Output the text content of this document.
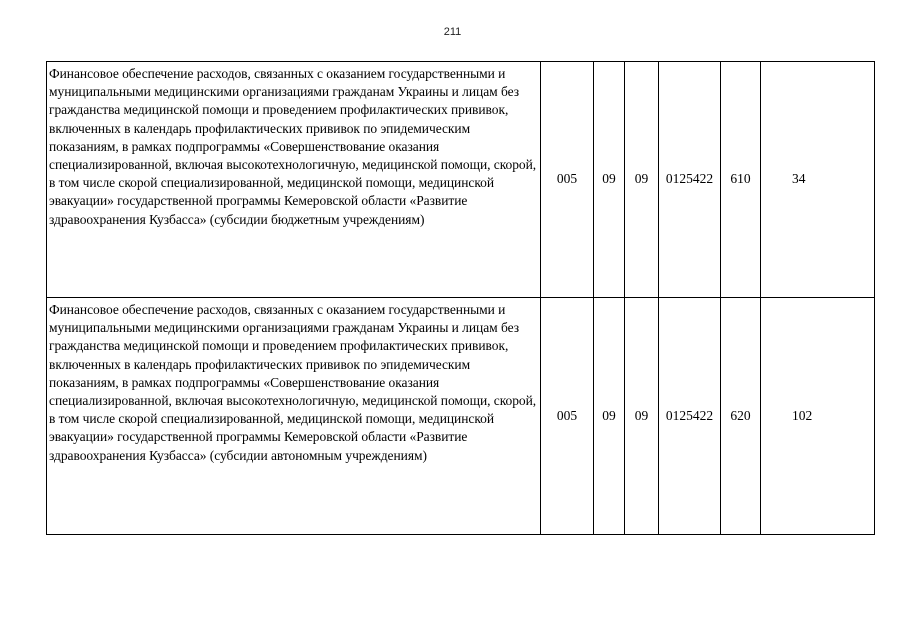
211
Финансовое обеспечение расходов, связанных с оказанием государственными и муниципальными медицинскими организациями гражданам Украины и лицам без гражданства медицинской помощи и проведением профилактических прививок, включенных в календарь профилактических прививок по эпидемическим показаниям, в рамках подпрограммы «Совершенствование оказания специализированной, включая высокотехнологичную, медицинской помощи, скорой, в том числе скорой специализированной, медицинской помощи, медицинской эвакуации» государственной программы Кемеровской области «Развитие здравоохранения Кузбасса» (субсидии бюджетным учреждениям)	005	09	09	0125422	610	34
Финансовое обеспечение расходов, связанных с оказанием государственными и муниципальными медицинскими организациями гражданам Украины и лицам без гражданства медицинской помощи и проведением профилактических прививок, включенных в календарь профилактических прививок по эпидемическим показаниям, в рамках подпрограммы «Совершенствование оказания специализированной, включая высокотехнологичную, медицинской помощи, скорой, в том числе скорой специализированной, медицинской помощи, медицинской эвакуации» государственной программы Кемеровской области «Развитие здравоохранения Кузбасса» (субсидии автономным учреждениям)	005	09	09	0125422	620	102
